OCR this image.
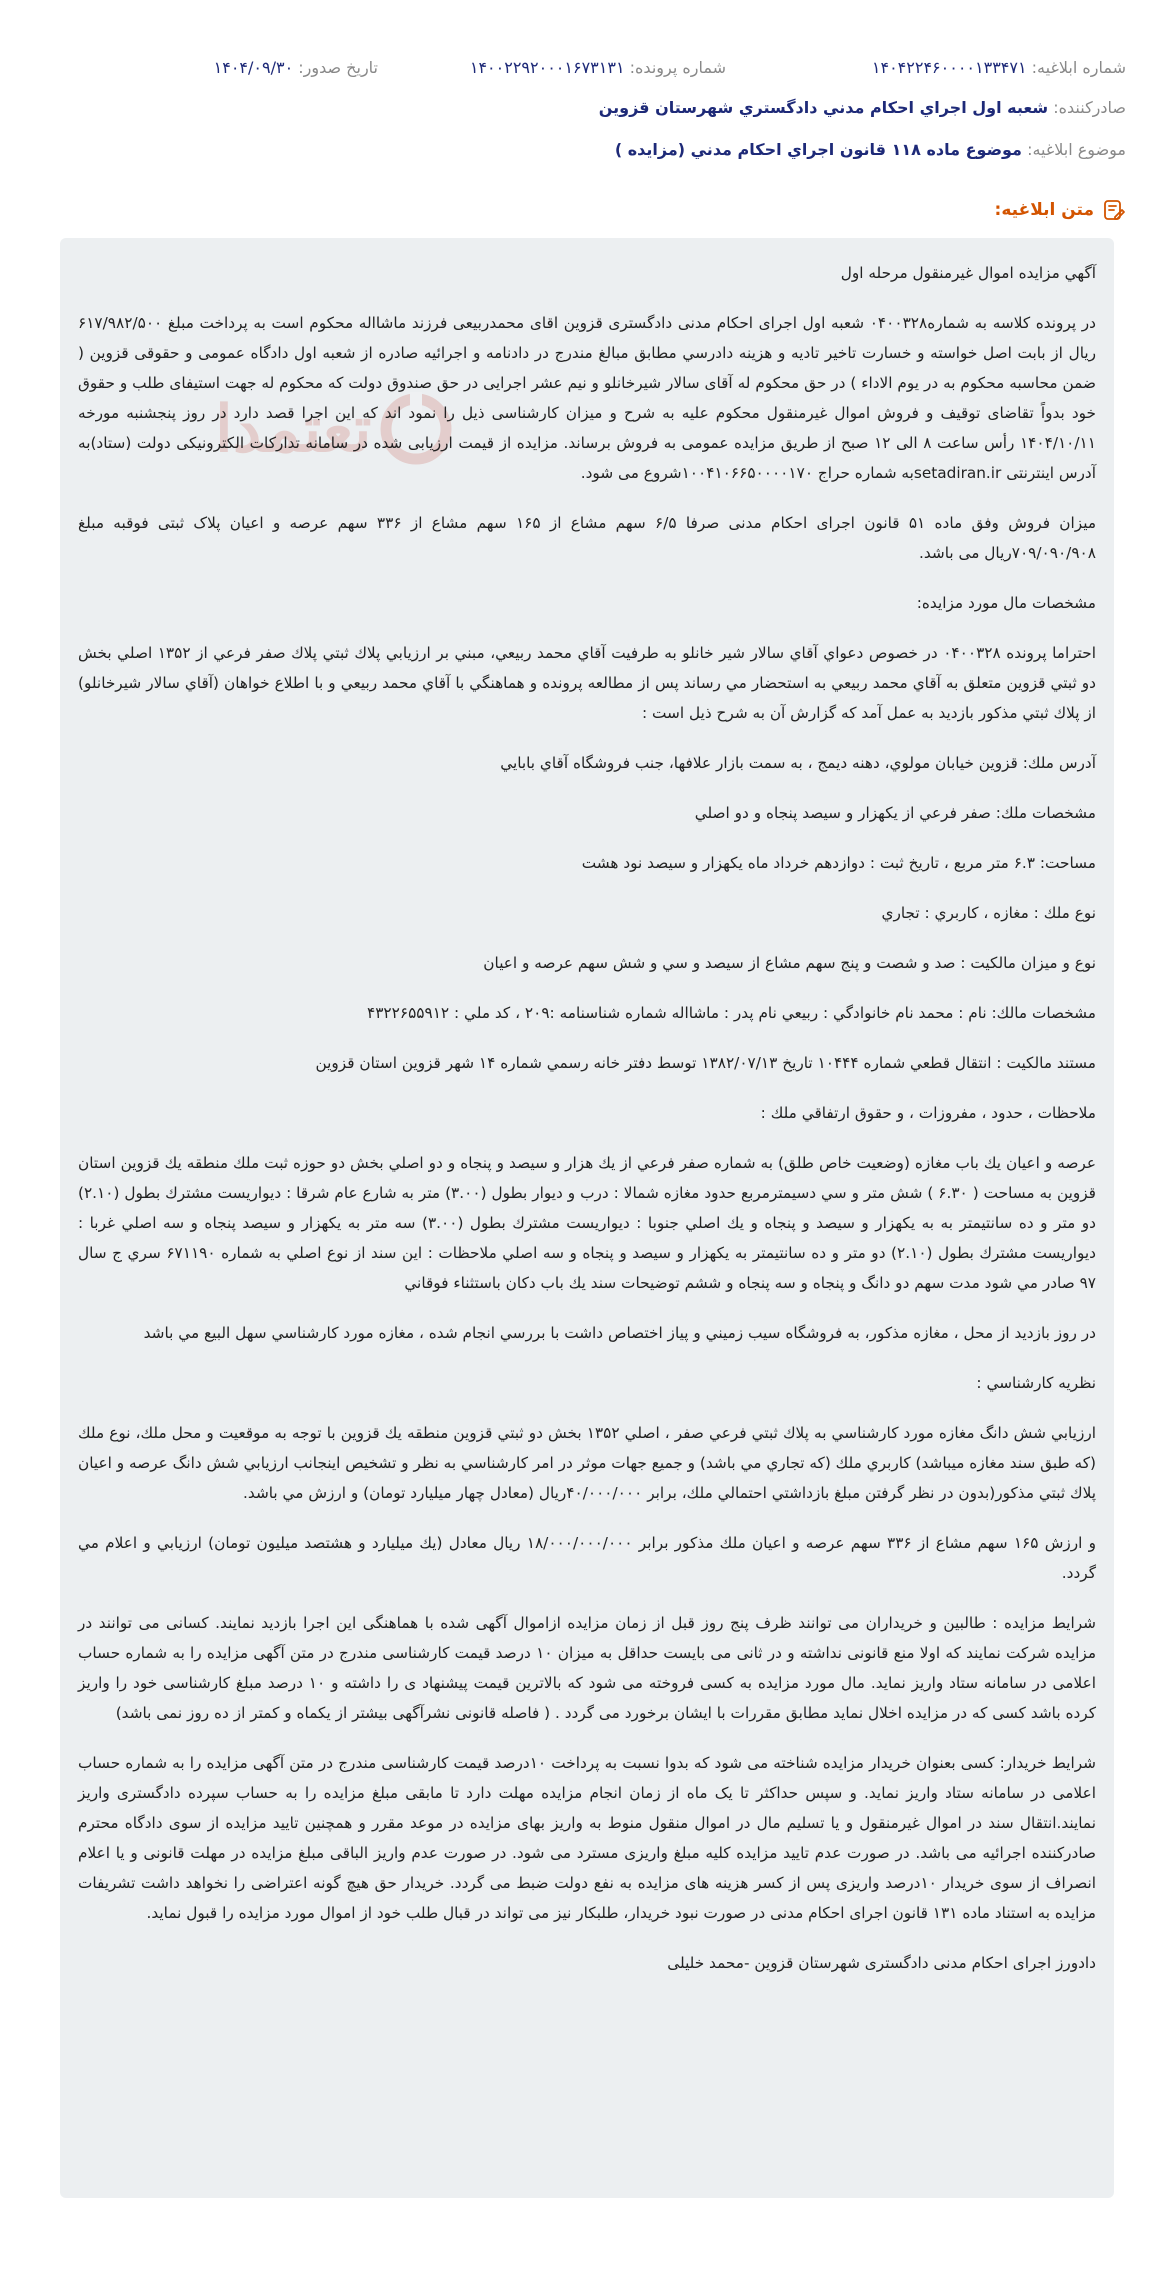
شماره ابلاغيه: ۱۴۰۴۲۲۴۶۰۰۰۰۱۳۳۴۷۱
شماره پرونده: ۱۴۰۰۲۲۹۲۰۰۰۱۶۷۳۱۳۱
تاريخ صدور: ۱۴۰۴/۰۹/۳۰
صادرکننده: شعبه اول اجراي احكام مدني دادگستري شهرستان قزوين
موضوع ابلاغيه: موضوع ماده ۱۱۸ قانون اجراي احكام مدني (مزايده )
متن ابلاغيه:

آگهي مزايده اموال غيرمنقول مرحله اول

در پرونده کلاسه به شماره۰۴۰۰۳۲۸ شعبه اول اجرای احکام مدنی دادگستری قزوین اقای محمدربیعی فرزند ماشااله محکوم است به پرداخت مبلغ ۶۱۷/۹۸۲/۵۰۰ ریال از بابت اصل خواسته و خسارت تاخیر تادیه و هزینه دادرسي مطابق مبالغ مندرج در دادنامه و اجرائیه صادره از شعبه اول دادگاه عمومی و حقوقی قزوین ( ضمن محاسبه محکوم به در یوم الاداء ) در حق محکوم له آقای سالار شیرخانلو و نیم عشر اجرایی در حق صندوق دولت که محکوم له جهت استیفای طلب و حقوق خود بدواً تقاضای توقیف و فروش اموال غیرمنقول محکوم علیه به شرح و میزان کارشناسی ذیل را نمود اند که این اجرا قصد دارد در روز پنجشنبه مورخه ۱۴۰۴/۱۰/۱۱ رأس ساعت ۸ الی ۱۲ صبح از طریق مزایده عمومی به فروش برساند. مزایده از قیمت ارزیابی شده در سامانه تدارکات الکترونیکی دولت (ستاد)به آدرس اینترنتی setadiran.irبه شماره حراج ۱۰۰۴۱۰۶۶۵۰۰۰۰۱۷۰شروع می شود.

میزان فروش وفق ماده ۵۱ قانون اجرای احکام مدنی صرفا ۶/۵ سهم مشاع از ۱۶۵ سهم مشاع از ۳۳۶ سهم عرصه و اعیان پلاک ثبتی فوقبه مبلغ ۷۰۹/۰۹۰/۹۰۸ريال می باشد.

مشخصات مال مورد مزايده:

احتراما پرونده ۰۴۰۰۳۲۸ در خصوص دعواي آقاي سالار شير خانلو به طرفيت آقاي محمد ربيعي، مبني بر ارزيابي پلاك ثبتي پلاك صفر فرعي از ۱۳۵۲ اصلي بخش دو ثبتي قزوين متعلق به آقاي محمد ربيعي به استحضار مي رساند پس از مطالعه پرونده و هماهنگي با آقاي محمد ربيعي و با اطلاع خواهان (آقاي سالار شيرخانلو) از پلاك ثبتي مذكور بازديد به عمل آمد كه گزارش آن به شرح ذيل است :

آدرس ملك: قزوين خيابان مولوي، دهنه ديمج ، به سمت بازار علافها، جنب فروشگاه آقاي بابايي

مشخصات ملك: صفر فرعي از يكهزار و سيصد پنجاه و دو اصلي

مساحت: ۶.۳ متر مربع ، تاريخ ثبت : دوازدهم خرداد ماه يكهزار و سيصد نود هشت

نوع ملك : مغازه ، كاربري : تجاري

نوع و ميزان مالكيت : صد و شصت و پنج سهم مشاع از سيصد و سي و شش سهم عرصه و اعيان

مشخصات مالك: نام : محمد نام خانوادگي : ربيعي نام پدر : ماشااله شماره شناسنامه :۲۰۹ ، كد ملي : ۴۳۲۲۶۵۵۹۱۲

مستند مالكيت : انتقال قطعي شماره ۱۰۴۴۴ تاريخ ۱۳۸۲/۰۷/۱۳ توسط دفتر خانه رسمي شماره ۱۴ شهر قزوين استان قزوين

ملاحظات ، حدود ، مفروزات ، و حقوق ارتفاقي ملك :

عرصه و اعيان يك باب مغازه (وضعيت خاص طلق) به شماره صفر فرعي از يك هزار و سيصد و پنجاه و دو اصلي بخش دو حوزه ثبت ملك منطقه يك قزوين استان قزوين به مساحت ( ۶.۳۰ ) شش متر و سي دسيمترمربع حدود مغازه شمالا : درب و ديوار بطول (۳.۰۰) متر به شارع عام شرقا : ديواريست مشترك بطول (۲.۱۰) دو متر و ده سانتيمتر به به يكهزار و سيصد و پنجاه و يك اصلي جنوبا : ديواريست مشترك بطول (۳.۰۰) سه متر به يكهزار و سيصد پنجاه و سه اصلي غربا : ديواريست مشترك بطول (۲.۱۰) دو متر و ده سانتيمتر به يكهزار و سيصد و پنجاه و سه اصلي ملاحظات : اين سند از نوع اصلي به شماره ۶۷۱۱۹۰ سري ج سال ۹۷ صادر مي شود مدت سهم دو دانگ و پنجاه و سه پنجاه و ششم توضيحات سند يك باب دكان باستثناء فوقاني

در روز بازديد از محل ، مغازه مذكور، به فروشگاه سيب زميني و پياز اختصاص داشت با بررسي انجام شده ، مغازه مورد كارشناسي سهل البيع مي باشد

نظريه كارشناسي :

ارزيابي شش دانگ مغازه مورد كارشناسي به پلاك ثبتي فرعي صفر ، اصلي ۱۳۵۲ بخش دو ثبتي قزوين منطقه يك قزوين با توجه به موقعيت و محل ملك، نوع ملك (كه طبق سند مغازه ميباشد) كاربري ملك (كه تجاري مي باشد) و جميع جهات موثر در امر كارشناسي به نظر و تشخيص اينجانب ارزيابي شش دانگ عرصه و اعيان پلاك ثبتي مذكور(بدون در نظر گرفتن مبلغ بازداشتي احتمالي ملك، برابر ۴۰/۰۰۰/۰۰۰ريال (معادل چهار ميليارد تومان) و ارزش مي باشد.

و ارزش ۱۶۵ سهم مشاع از ۳۳۶ سهم عرصه و اعيان ملك مذكور برابر ۱۸/۰۰۰/۰۰۰/۰۰۰ ريال معادل (يك ميليارد و هشتصد ميليون تومان) ارزيابي و اعلام مي گردد.

شرایط مزایده : طالبین و خریداران می توانند ظرف پنج روز قبل از زمان مزایده ازاموال آگهی شده با هماهنگی این اجرا بازدید نمایند. کسانی می توانند در مزایده شرکت نمایند که اولا منع قانونی نداشته و در ثانی می بایست حداقل به میزان ۱۰ درصد قیمت کارشناسی مندرج در متن آگهی مزایده را به شماره حساب اعلامی در سامانه ستاد واریز نماید. مال مورد مزایده به کسی فروخته می شود که بالاترین قیمت پیشنهاد ی را داشته و ۱۰ درصد مبلغ کارشناسی خود را واریز کرده باشد کسی که در مزایده اخلال نماید مطابق مقررات با ایشان برخورد می گردد . ( فاصله قانونی نشرآگهی بیشتر از یکماه و کمتر از ده روز نمی باشد)

شرایط خریدار: کسی بعنوان خریدار مزایده شناخته می شود که بدوا نسبت به پرداخت ۱۰درصد قیمت کارشناسی مندرج در متن آگهی مزایده را به شماره حساب اعلامی در سامانه ستاد واریز نماید. و سپس حداکثر تا یک ماه از زمان انجام مزایده مهلت دارد تا مابقی مبلغ مزایده را به حساب سپرده دادگستری واریز نمایند.انتقال سند در اموال غیرمنقول و یا تسلیم مال در اموال منقول منوط به واریز بهای مزایده در موعد مقرر و همچنین تایید مزایده از سوی دادگاه محترم صادرکننده اجرائیه می باشد. در صورت عدم تایید مزایده کلیه مبلغ واریزی مسترد می شود. در صورت عدم واریز الباقی مبلغ مزایده در مهلت قانونی و یا اعلام انصراف از سوی خریدار ۱۰درصد واریزی پس از کسر هزینه های مزایده به نفع دولت ضبط می گردد. خریدار حق هیچ گونه اعتراضی را نخواهد داشت تشریفات مزایده به استناد ماده ۱۳۱ قانون اجرای احکام مدنی در صورت نبود خریدار، طلبکار نیز می تواند در قبال طلب خود از اموال مورد مزایده را قبول نماید.

دادورز اجرای احکام مدنی دادگستری شهرستان قزوین -محمد خلیلی
